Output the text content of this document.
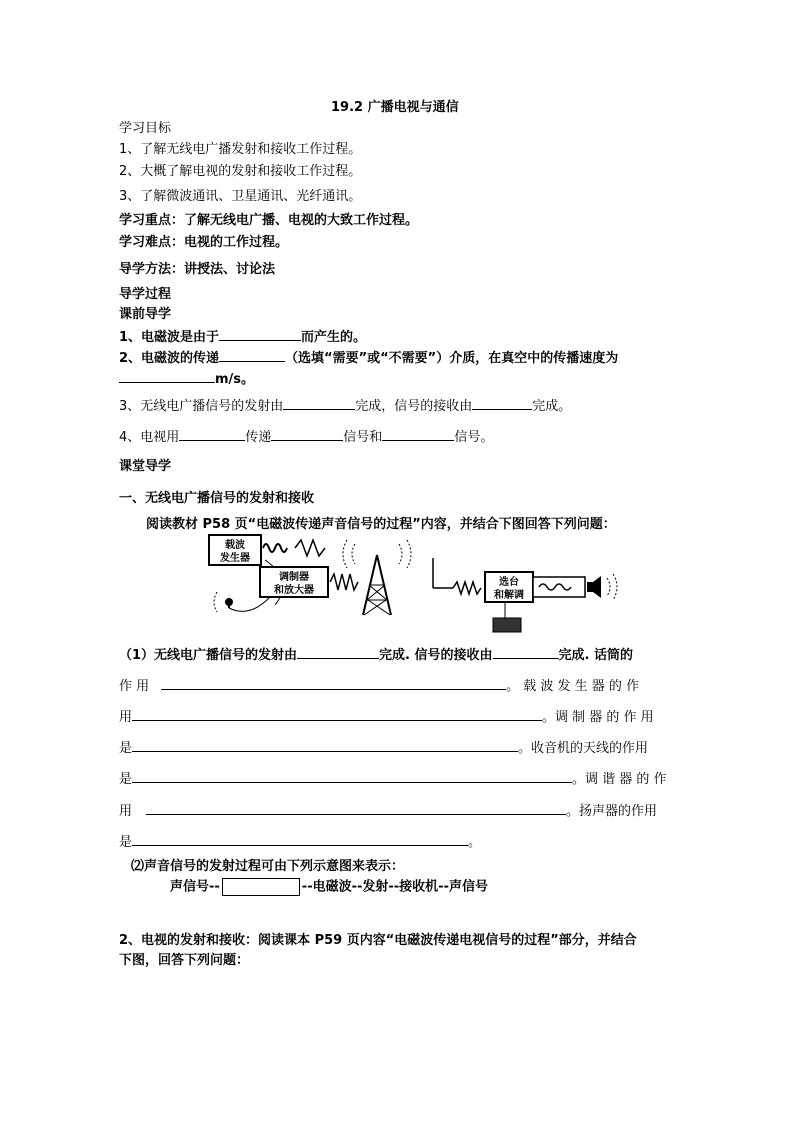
19.2 广播电视与通信
学习目标
1、了解无线电广播发射和接收工作过程。
2、大概了解电视的发射和接收工作过程。
3、了解微波通讯、卫星通讯、光纤通讯。
学习重点：了解无线电广播、电视的大致工作过程。
学习难点：电视的工作过程。
导学方法：讲授法、讨论法
导学过程
课前导学
1、电磁波是由于	而产生的。
2、电磁波的传递	（选填“需要”或“不需要”）介质，在真空中的传播速度为
m/s。
3、无线电广播信号的发射由	完成，信号的接收由	完成。
4、电视用	传递	信号和	信号。
课堂导学
一、无线电广播信号的发射和接收
阅读教材 P58 页“电磁波传递声音信号的过程”内容，并结合下图回答下列问题：
载波
发生器
调制器
和放大器
选台
和解调
（1）无线电广播信号的发射由	完成. 信号的接收由	完成. 话筒的
作 用	。 载 波 发 生 器 的 作
用	。调 制 器 的 作 用
是	。收音机的天线的作用
是	。调 谐 器 的 作
用	。扬声器的作用
是	。
⑵声音信号的发射过程可由下列示意图来表示：
声信号--	--电磁波--发射--接收机--声信号
2、电视的发射和接收：阅读课本 P59 页内容“电磁波传递电视信号的过程”部分，并结合
下图，回答下列问题：
